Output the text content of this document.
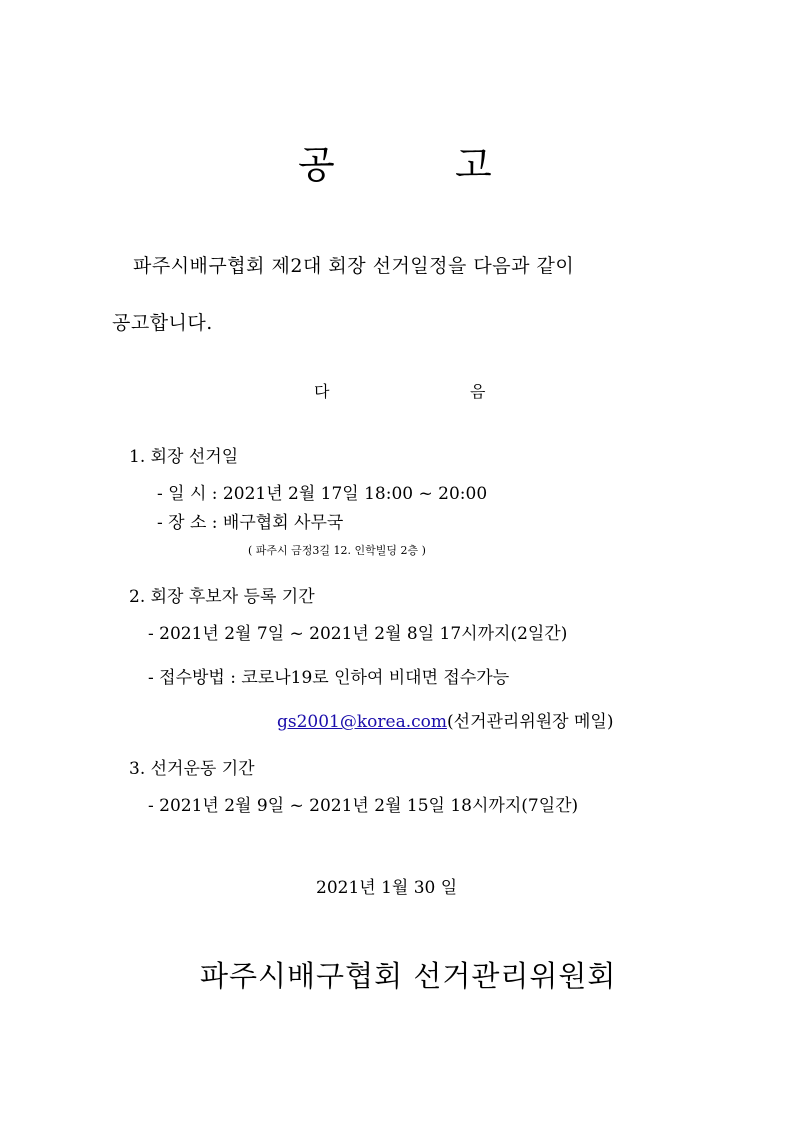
공	고
파주시배구협회 제2대 회장 선거일정을 다음과 같이
공고합니다.
다	음
1. 회장 선거일
- 일 시 : 2021년 2월 17일 18:00 ~ 20:00
- 장 소 : 배구협회 사무국
( 파주시 금정3길 12. 인학빌딩 2층 )
2. 회장 후보자 등록 기간
- 2021년 2월 7일 ~ 2021년 2월 8일 17시까지(2일간)
- 접수방법 : 코로나19로 인하여 비대면 접수가능
gs2001@korea.com(선거관리위원장 메일)
3. 선거운동 기간
- 2021년 2월 9일 ~ 2021년 2월 15일 18시까지(7일간)
2021년 1월 30 일
파주시배구협회 선거관리위원회
